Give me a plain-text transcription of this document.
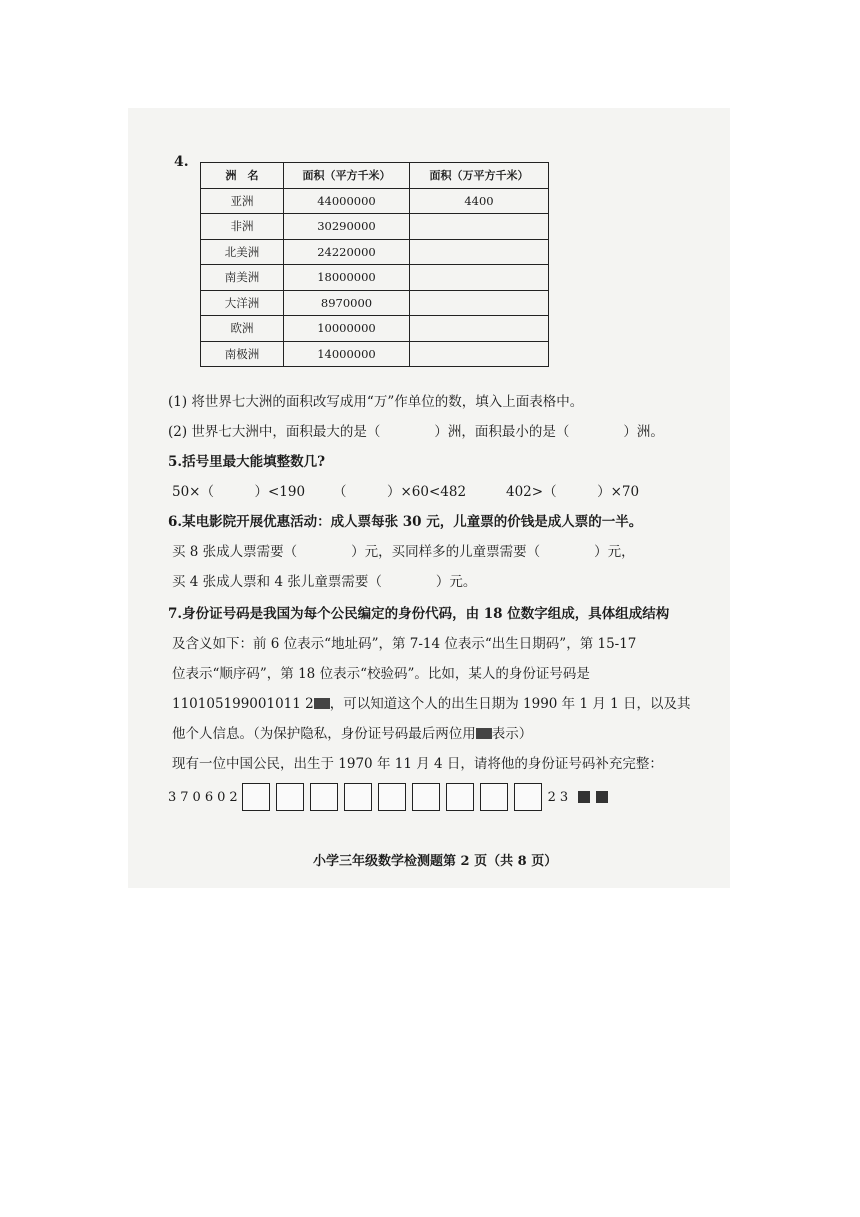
4.
洲　名	面积（平方千米）	面积（万平方千米）
亚洲	44000000	4400
非洲	30290000	
北美洲	24220000	
南美洲	18000000	
大洋洲	8970000	
欧洲	10000000	
南极洲	14000000	
(1) 将世界七大洲的面积改写成用“万”作单位的数，填入上面表格中。
(2) 世界七大洲中，面积最大的是（　　　　）洲，面积最小的是（　　　　）洲。
5.括号里最大能填整数几?
50×（　　　）<190 （　　　）×60<482	402>（　　　）×70
6.某电影院开展优惠活动：成人票每张 30 元，儿童票的价钱是成人票的一半。
买 8 张成人票需要（　　　　）元，买同样多的儿童票需要（　　　　）元，
买 4 张成人票和 4 张儿童票需要（　　　　）元。
7.身份证号码是我国为每个公民编定的身份代码，由 18 位数字组成，具体组成结构
及含义如下：前 6 位表示“地址码”，第 7-14 位表示“出生日期码”，第 15-17
位表示“顺序码”，第 18 位表示“校验码”。比如，某人的身份证号码是
110105199001011 2 ，可以知道这个人的出生日期为 1990 年 1 月 1 日，以及其
他个人信息。（为保护隐私，身份证号码最后两位用 表示）
现有一位中国公民，出生于 1970 年 11 月 4 日，请将他的身份证号码补充完整：
370602	23
小学三年级数学检测题第 2 页（共 8 页）
